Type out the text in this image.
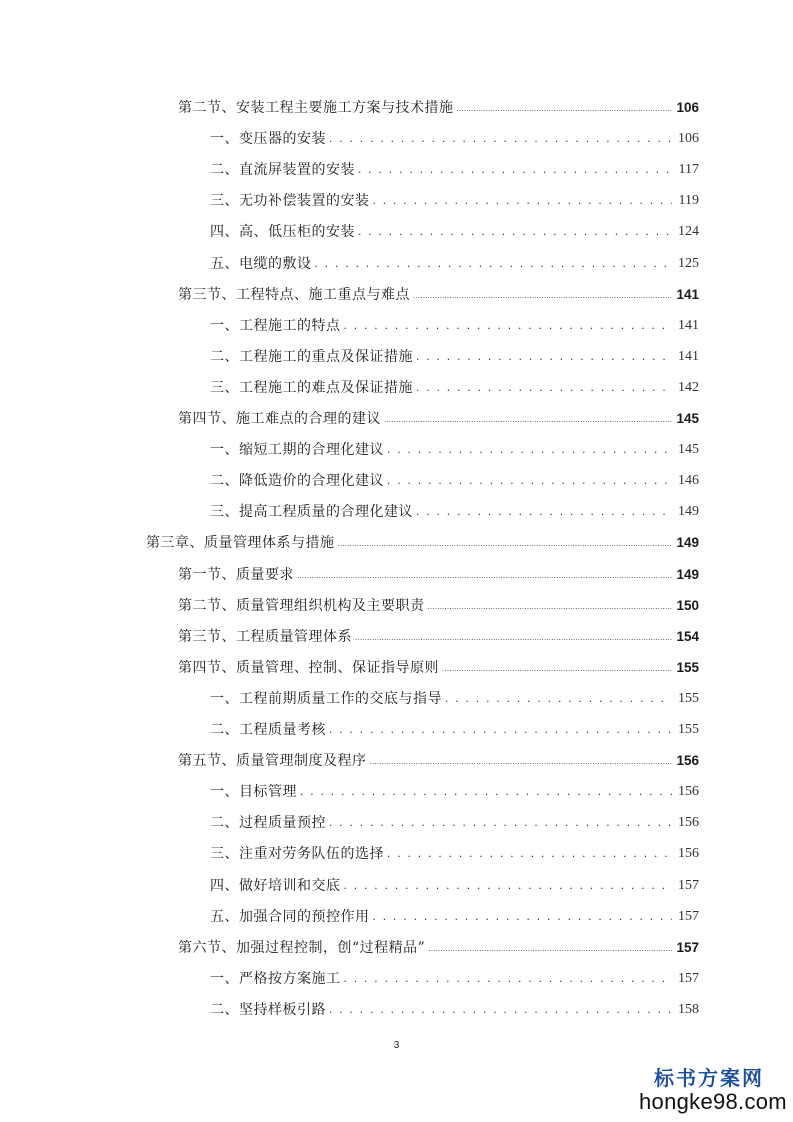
第二节、安装工程主要施工方案与技术措施 .....	106
一、变压器的安装 . . .	106
二、直流屏装置的安装 . . .	117
三、无功补偿装置的安装 . . .	119
四、高、低压柜的安装 . . .	124
五、电缆的敷设 . . .	125
第三节、工程特点、施工重点与难点 .....	141
一、工程施工的特点 . . .	141
二、工程施工的重点及保证措施 . . .	141
三、工程施工的难点及保证措施 . . .	142
第四节、施工难点的合理的建议 .....	145
一、缩短工期的合理化建议 . . .	145
二、降低造价的合理化建议 . . .	146
三、提高工程质量的合理化建议 . . .	149
第三章、质量管理体系与措施 .....	149
第一节、质量要求 .....	149
第二节、质量管理组织机构及主要职责 .....	150
第三节、工程质量管理体系 .....	154
第四节、质量管理、控制、保证指导原则 .....	155
一、工程前期质量工作的交底与指导 . . .	155
二、工程质量考核 . . .	155
第五节、质量管理制度及程序 .....	156
一、目标管理 . . .	156
二、过程质量预控 . . .	156
三、注重对劳务队伍的选择 . . .	156
四、做好培训和交底 . . .	157
五、加强合同的预控作用 . . .	157
第六节、加强过程控制，创“过程精品” .....	157
一、严格按方案施工 . . .	157
二、坚持样板引路 . . .	158
3
标书方案网
hongke98.com
